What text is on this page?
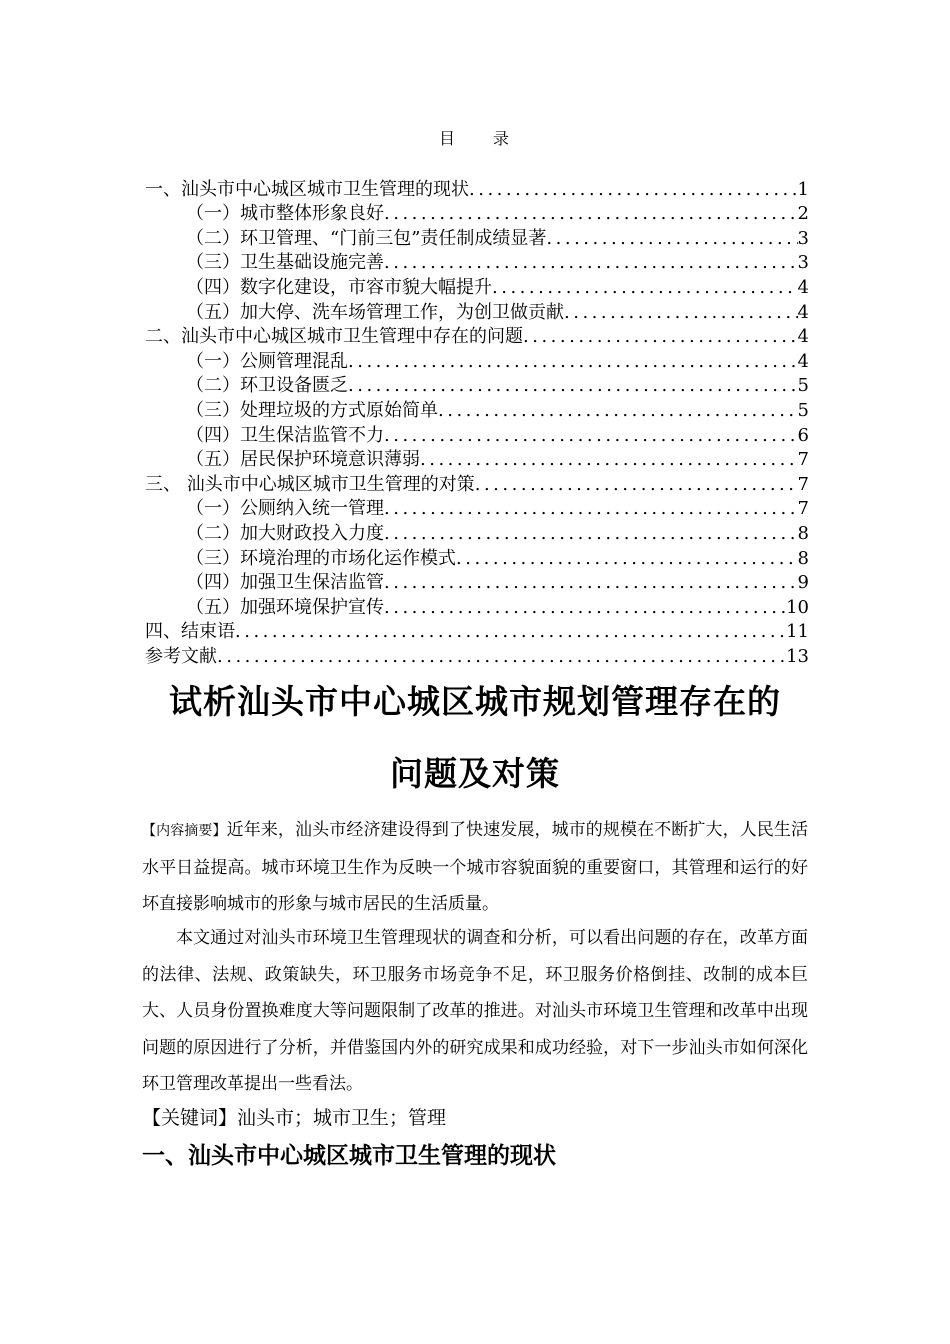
目 录
一、汕头市中心城区城市卫生管理的现状 .....	1
（一）城市整体形象良好 .....	2
（二）环卫管理、“门前三包”责任制成绩显著 .....	3
（三）卫生基础设施完善 .....	3
（四）数字化建设，市容市貌大幅提升 .....	4
（五）加大停、洗车场管理工作，为创卫做贡献 .....	4
二、汕头市中心城区城市卫生管理中存在的问题 .....	4
（一）公厕管理混乱 .....	4
（二）环卫设备匮乏 .....	5
（三）处理垃圾的方式原始简单 .....	5
（四）卫生保洁监管不力 .....	6
（五）居民保护环境意识薄弱 .....	7
三、 汕头市中心城区城市卫生管理的对策 .....	7
（一）公厕纳入统一管理 .....	7
（二）加大财政投入力度 .....	8
（三）环境治理的市场化运作模式 .....	8
（四）加强卫生保洁监管 .....	9
（五）加强环境保护宣传 .....	10
四、结束语 .....	11
参考文献 .....	13
试析汕头市中心城区城市规划管理存在的
问题及对策
【内容摘要】近年来，汕头市经济建设得到了快速发展，城市的规模在不断扩大，人民生活水平日益提高。城市环境卫生作为反映一个城市容貌面貌的重要窗口，其管理和运行的好坏直接影响城市的形象与城市居民的生活质量。
本文通过对汕头市环境卫生管理现状的调查和分析，可以看出问题的存在，改革方面的法律、法规、政策缺失，环卫服务市场竞争不足，环卫服务价格倒挂、改制的成本巨大、人员身份置换难度大等问题限制了改革的推进。对汕头市环境卫生管理和改革中出现问题的原因进行了分析，并借鉴国内外的研究成果和成功经验，对下一步汕头市如何深化环卫管理改革提出一些看法。
【关键词】汕头市；城市卫生；管理
一、汕头市中心城区城市卫生管理的现状
